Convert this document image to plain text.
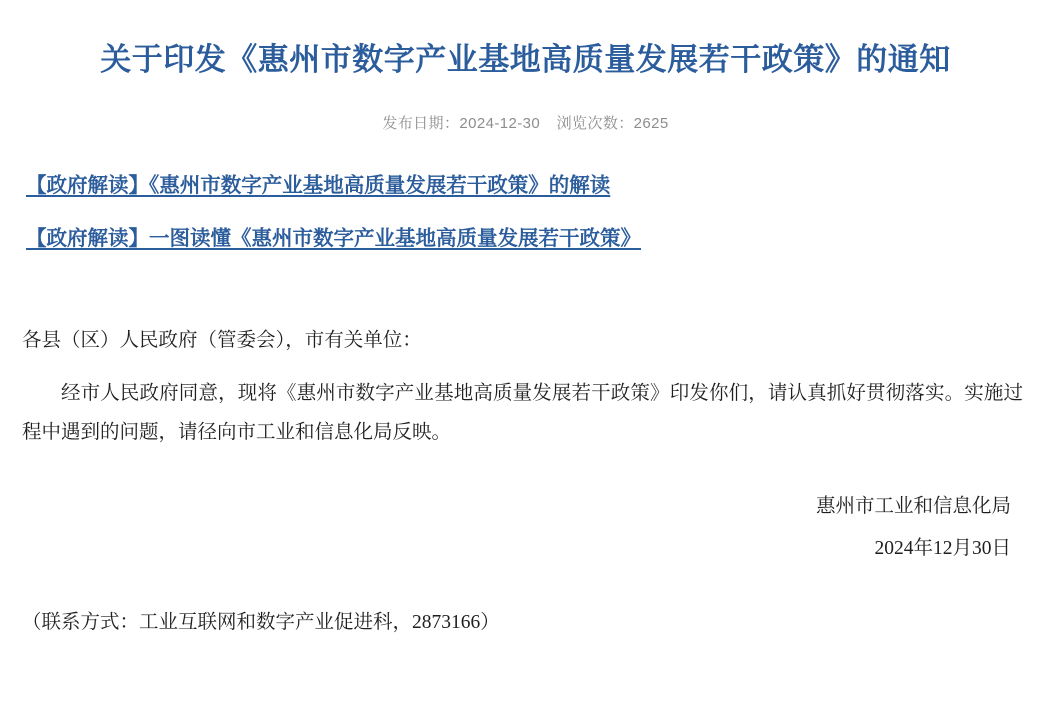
关于印发《惠州市数字产业基地高质量发展若干政策》的通知
发布日期：2024-12-30 浏览次数：2625
【政府解读】《惠州市数字产业基地高质量发展若干政策》的解读
【政府解读】一图读懂《惠州市数字产业基地高质量发展若干政策》

各县（区）人民政府（管委会），市有关单位：

经市人民政府同意，现将《惠州市数字产业基地高质量发展若干政策》印发你们，请认真抓好贯彻落实。实施过程中遇到的问题，请径向市工业和信息化局反映。

惠州市工业和信息化局
2024年12月30日
（联系方式：工业互联网和数字产业促进科，2873166）
